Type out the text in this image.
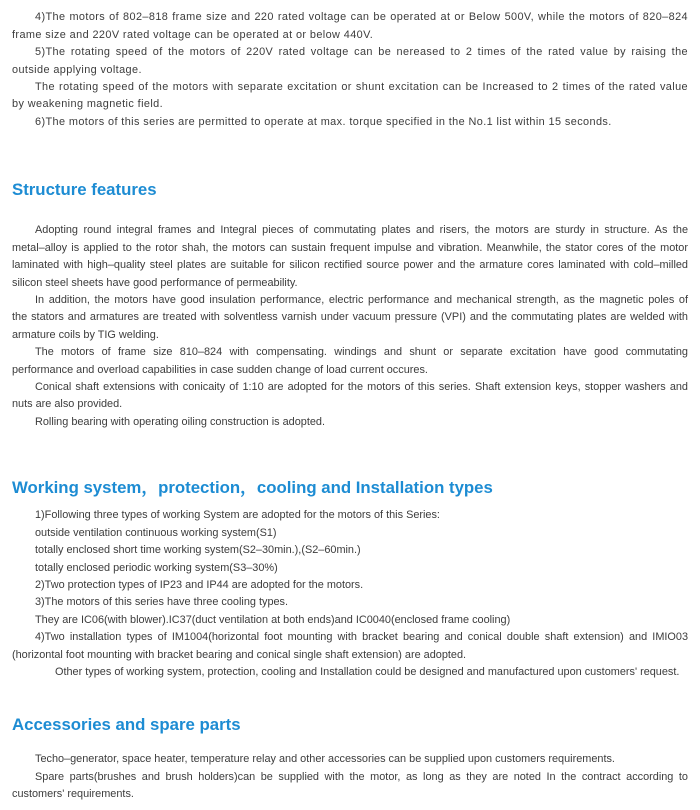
4)The motors of 802–818 frame size and 220 rated voltage can be operated at or Below 500V, while the motors of 820–824
frame size and 220V rated voltage can be operated at or below 440V.
5)The rotating speed of the motors of 220V rated voltage can be nereased to 2 times of the rated value by raising the
outside applying voltage.
The rotating speed of the motors with separate excitation or shunt excitation can be Increased to 2 times of the rated value
by weakening magnetic field.
6)The motors of this series are permitted to operate at max. torque specified in the No.1 list within 15 seconds.
Structure features
Adopting round integral frames and Integral pieces of commutating plates and risers, the motors are sturdy in structure. As the
metal–alloy is applied to the rotor shah, the motors can sustain frequent impulse and vibration. Meanwhile, the stator cores of the motor
laminated with high–quality steel plates are suitable for silicon rectified source power and the armature cores laminated with cold–milled
silicon steel sheets have good performance of permeability.
In addition, the motors have good insulation performance, electric performance and mechanical strength, as the magnetic poles of
the stators and armatures are treated with solventless varnish under vacuum pressure (VPI) and the commutating plates are welded with
armature coils by TIG welding.
The motors of frame size 810–824 with compensating. windings and shunt or separate excitation have good commutating
performance and overload capabilities in case sudden change of load current occures.
Conical shaft extensions with conicaity of 1:10 are adopted for the motors of this series. Shaft extension keys, stopper washers and
nuts are also provided.
Rolling bearing with operating oiling construction is adopted.
Working system，protection，cooling and Installation types
1)Following three types of working System are adopted for the motors of this Series:
outside ventilation continuous working system(S1)
totally enclosed short time working system(S2–30min.),(S2–60min.)
totally enclosed periodic working system(S3–30%)
2)Two protection types of IP23 and IP44 are adopted for the motors.
3)The motors of this series have three cooling types.
They are IC06(with blower).IC37(duct ventilation at both ends)and IC0040(enclosed frame cooling)
4)Two installation types of IM1004(horizontal foot mounting with bracket bearing and conical double shaft extension) and IMIO03
(horizontal foot mounting with bracket bearing and conical single shaft extension) are adopted.
Other types of working system, protection, cooling and Installation could be designed and manufactured upon customers' request.
Accessories and spare parts
Techo–generator, space heater, temperature relay and other accessories can be supplied upon customers requirements.
Spare parts(brushes and brush holders)can be supplied with the motor, as long as they are noted In the contract according to
customers' requirements.
